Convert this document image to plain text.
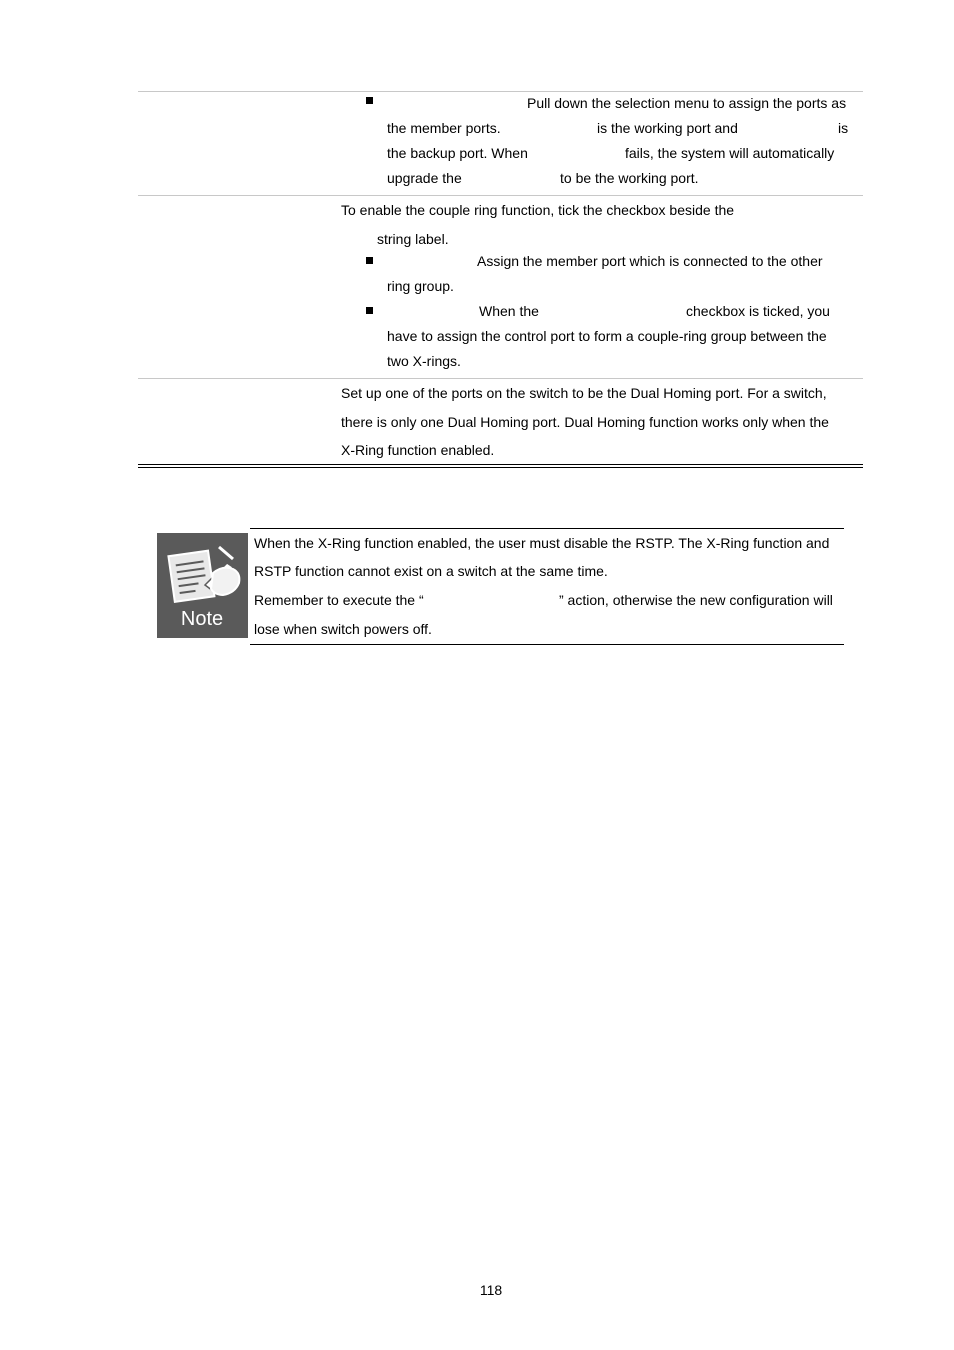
Pull down the selection menu to assign the ports as
the member ports.	is the working port and	is
the backup port. When	fails, the system will automatically
upgrade the	to be the working port.
To enable the couple ring function, tick the checkbox beside the
string label.
Assign the member port which is connected to the other
ring group.
When the	checkbox is ticked, you
have to assign the control port to form a couple-ring group between the
two X-rings.
Set up one of the ports on the switch to be the Dual Homing port. For a switch,
there is only one Dual Homing port. Dual Homing function works only when the
X-Ring function enabled.
Note
When the X-Ring function enabled, the user must disable the RSTP. The X-Ring function and
RSTP function cannot exist on a switch at the same time.
Remember to execute the “	” action, otherwise the new configuration will
lose when switch powers off.
118
